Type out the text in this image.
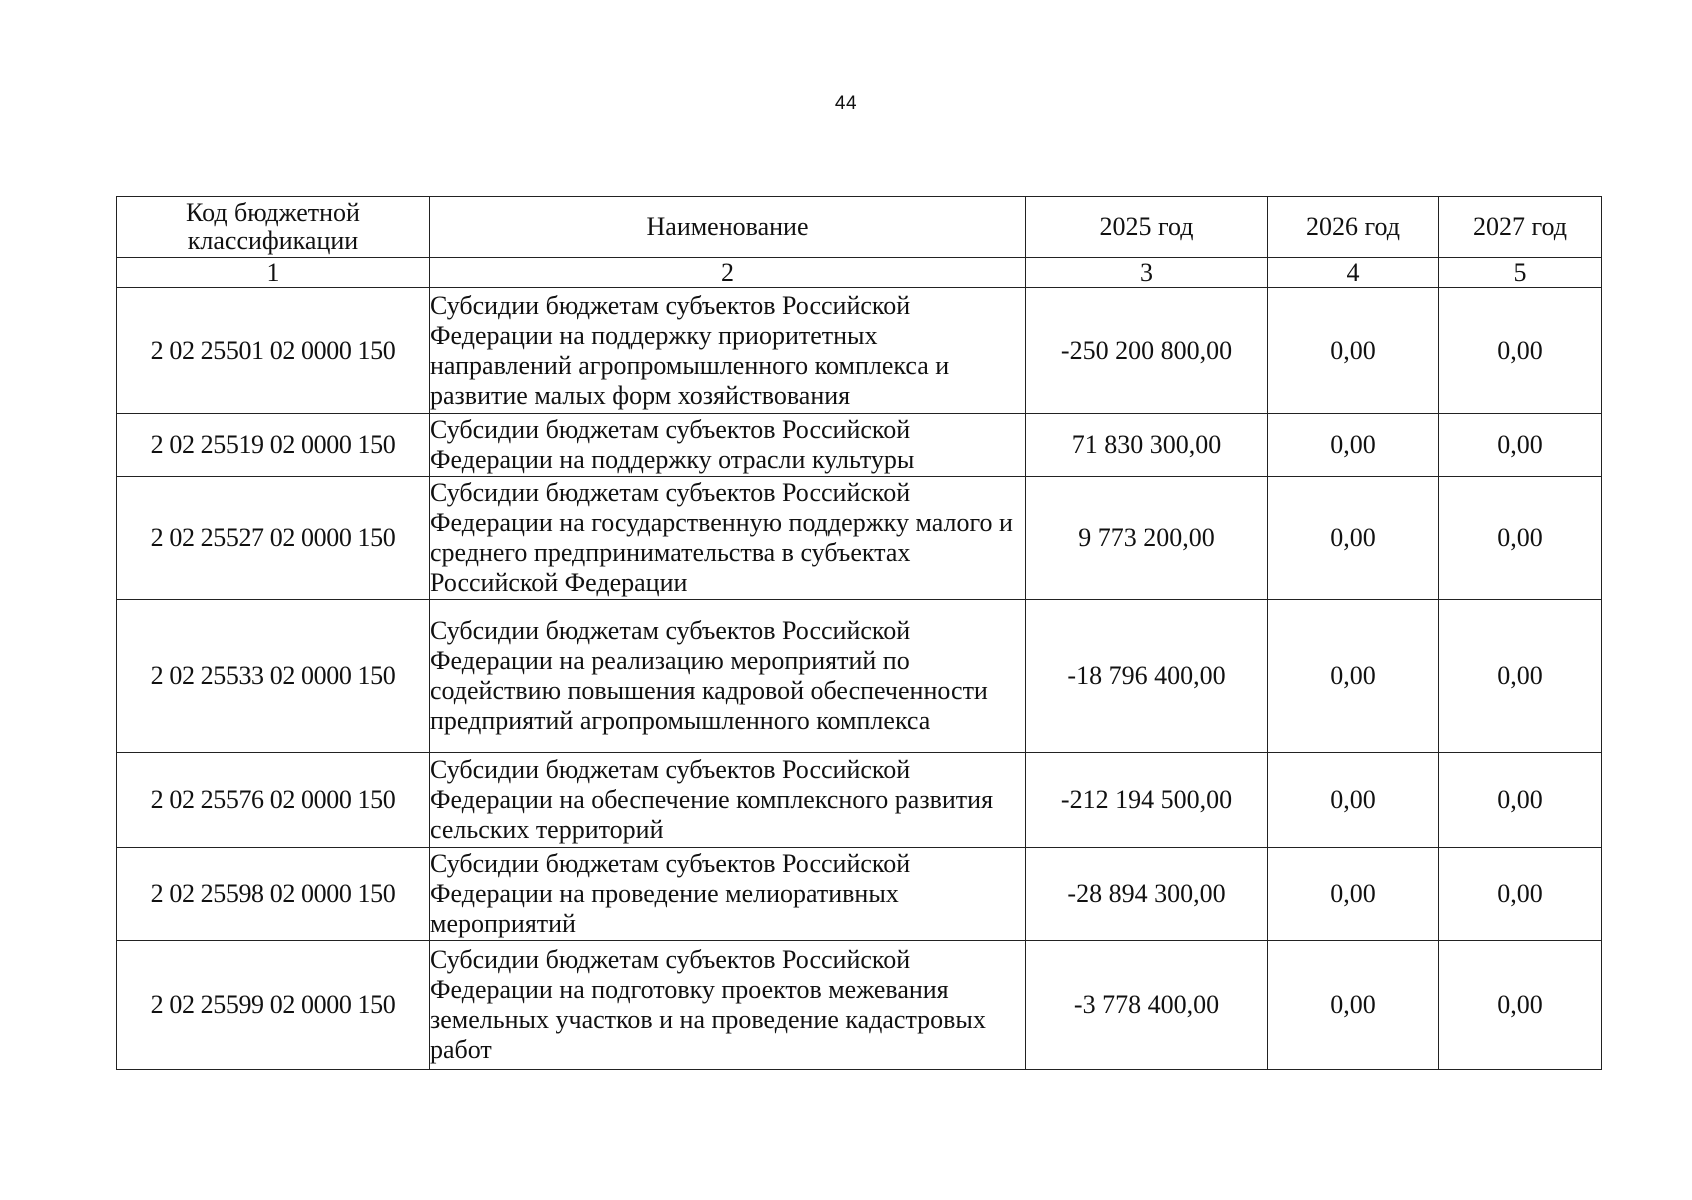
44
Код бюджетной классификации	Наименование	2025 год	2026 год	2027 год
1	2	3	4	5
2 02 25501 02 0000 150	Субсидии бюджетам субъектов Российской Федерации на поддержку приоритетных направлений агропромышленного комплекса и развитие малых форм хозяйствования	-250 200 800,00	0,00	0,00
2 02 25519 02 0000 150	Субсидии бюджетам субъектов Российской Федерации на поддержку отрасли культуры	71 830 300,00	0,00	0,00
2 02 25527 02 0000 150	Субсидии бюджетам субъектов Российской Федерации на государственную поддержку малого и среднего предпринимательства в субъектах Российской Федерации	9 773 200,00	0,00	0,00
2 02 25533 02 0000 150	Субсидии бюджетам субъектов Российской Федерации на реализацию мероприятий по содействию повышения кадровой обеспеченности предприятий агропромышленного комплекса	-18 796 400,00	0,00	0,00
2 02 25576 02 0000 150	Субсидии бюджетам субъектов Российской Федерации на обеспечение комплексного развития сельских территорий	-212 194 500,00	0,00	0,00
2 02 25598 02 0000 150	Субсидии бюджетам субъектов Российской Федерации на проведение мелиоративных мероприятий	-28 894 300,00	0,00	0,00
2 02 25599 02 0000 150	Субсидии бюджетам субъектов Российской Федерации на подготовку проектов межевания земельных участков и на проведение кадастровых работ	-3 778 400,00	0,00	0,00
